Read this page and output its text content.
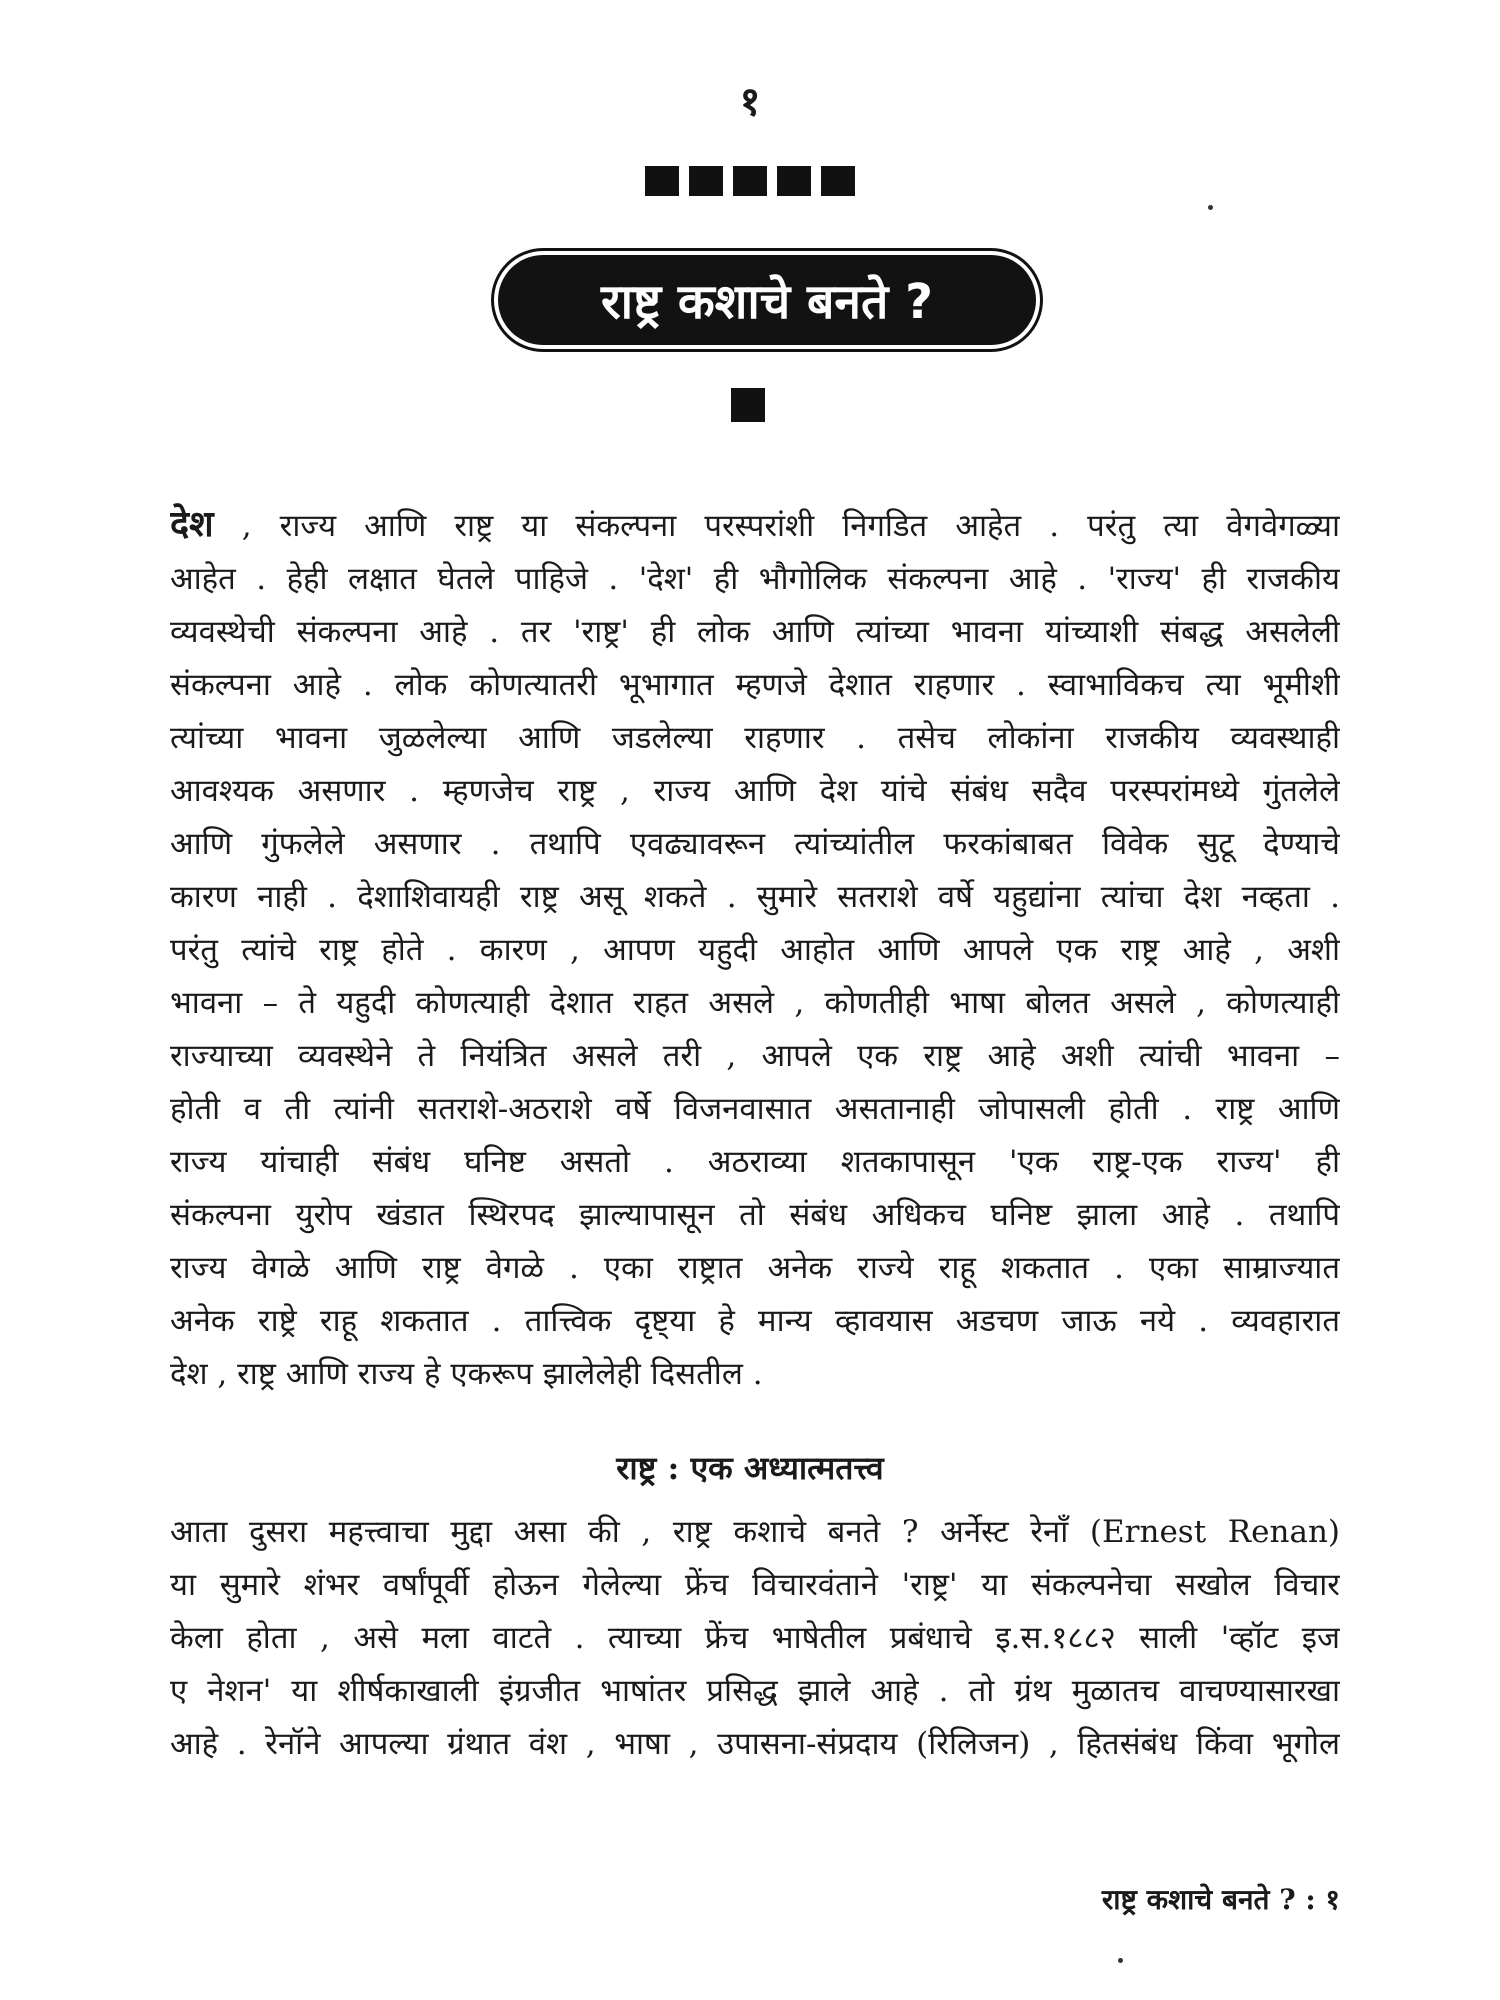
१
राष्ट्र कशाचे बनते ?
देश , राज्य आणि राष्ट्र या संकल्पना परस्परांशी निगडित आहेत . परंतु त्या वेगवेगळ्या
आहेत . हेही लक्षात घेतले पाहिजे . 'देश' ही भौगोलिक संकल्पना आहे . 'राज्य' ही राजकीय
व्यवस्थेची संकल्पना आहे . तर 'राष्ट्र' ही लोक आणि त्यांच्या भावना यांच्याशी संबद्ध असलेली
संकल्पना आहे . लोक कोणत्यातरी भूभागात म्हणजे देशात राहणार . स्वाभाविकच त्या भूमीशी
त्यांच्या भावना जुळलेल्या आणि जडलेल्या राहणार . तसेच लोकांना राजकीय व्यवस्थाही
आवश्यक असणार . म्हणजेच राष्ट्र , राज्य आणि देश यांचे संबंध सदैव परस्परांमध्ये गुंतलेले
आणि गुंफलेले असणार . तथापि एवढ्यावरून त्यांच्यांतील फरकांबाबत विवेक सुटू देण्याचे
कारण नाही . देशाशिवायही राष्ट्र असू शकते . सुमारे सतराशे वर्षे यहुद्यांना त्यांचा देश नव्हता .
परंतु त्यांचे राष्ट्र होते . कारण , आपण यहुदी आहोत आणि आपले एक राष्ट्र आहे , अशी
भावना – ते यहुदी कोणत्याही देशात राहत असले , कोणतीही भाषा बोलत असले , कोणत्याही
राज्याच्या व्यवस्थेने ते नियंत्रित असले तरी , आपले एक राष्ट्र आहे अशी त्यांची भावना –
होती व ती त्यांनी सतराशे-अठराशे वर्षे विजनवासात असतानाही जोपासली होती . राष्ट्र आणि
राज्य यांचाही संबंध घनिष्ट असतो . अठराव्या शतकापासून 'एक राष्ट्र-एक राज्य' ही
संकल्पना युरोप खंडात स्थिरपद झाल्यापासून तो संबंध अधिकच घनिष्ट झाला आहे . तथापि
राज्य वेगळे आणि राष्ट्र वेगळे . एका राष्ट्रात अनेक राज्ये राहू शकतात . एका साम्राज्यात
अनेक राष्ट्रे राहू शकतात . तात्त्विक दृष्ट्या हे मान्य व्हावयास अडचण जाऊ नये . व्यवहारात
देश , राष्ट्र आणि राज्य हे एकरूप झालेलेही दिसतील .
राष्ट्र : एक अध्यात्मतत्त्व
आता दुसरा महत्त्वाचा मुद्दा असा की , राष्ट्र कशाचे बनते ? अर्नेस्ट रेनाँ (Ernest Renan)
या सुमारे शंभर वर्षांपूर्वी होऊन गेलेल्या फ्रेंच विचारवंताने 'राष्ट्र' या संकल्पनेचा सखोल विचार
केला होता , असे मला वाटते . त्याच्या फ्रेंच भाषेतील प्रबंधाचे इ.स.१८८२ साली 'व्हॉट इज
ए नेशन' या शीर्षकाखाली इंग्रजीत भाषांतर प्रसिद्ध झाले आहे . तो ग्रंथ मुळातच वाचण्यासारखा
आहे . रेनॉने आपल्या ग्रंथात वंश , भाषा , उपासना-संप्रदाय (रिलिजन) , हितसंबंध किंवा भूगोल
राष्ट्र कशाचे बनते ? : १
